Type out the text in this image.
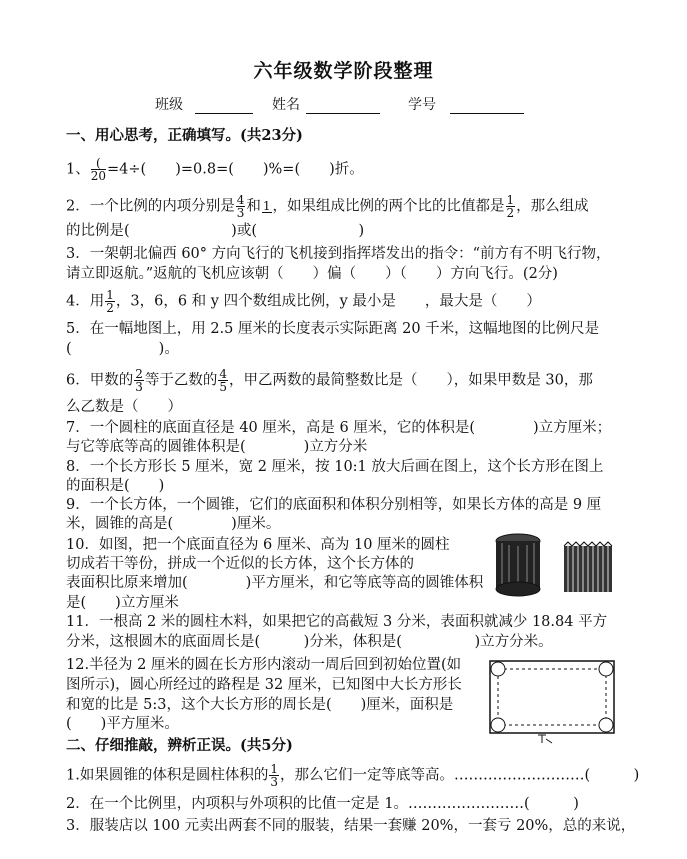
六年级数学阶段整理
班级	姓名	学号
一、用心思考，正确填写。(共23分)
1、 $\frac{(}{20} =4\div$(　　)=0.8=(　　)%=(　　)折。
2．一个比例的内项分别是 $\frac{4}{3}$ 和 1 ，如果组成比例的两个比的比值都是 $\frac{1}{2}$ ，那么组成
的比例是(　　　　　　　)或(　　　　　　　)
3．一架朝北偏西 60° 方向飞行的飞机接到指挥塔发出的指令：“前方有不明飞行物，
请立即返航。”返航的飞机应该朝（　　）偏（　　）（　　）方向飞行。(2分)
4．用 $\frac{1}{2}$ ，3，6，6 和 y 四个数组成比例，y 最小是　　，最大是（　　）
5．在一幅地图上，用 2.5 厘米的长度表示实际距离 20 千米，这幅地图的比例尺是
(　　　　　　)。
6．甲数的 $\frac{2}{3}$ 等于乙数的 $\frac{4}{5}$ ，甲乙两数的最简整数比是（　　），如果甲数是 30，那
么乙数是（　　）
7．一个圆柱的底面直径是 40 厘米，高是 6 厘米，它的体积是(　　　　)立方厘米；
与它等底等高的圆锥体积是(　　　　)立方分米
8．一个长方形长 5 厘米，宽 2 厘米，按 10:1 放大后画在图上，这个长方形在图上
的面积是(　　)
9．一个长方体，一个圆锥，它们的底面积和体积分别相等，如果长方体的高是 9 厘
米，圆锥的高是(　　　　)厘米。
10．如图，把一个底面直径为 6 厘米、高为 10 厘米的圆柱
切成若干等份，拼成一个近似的长方体，这个长方体的
表面积比原来增加(　　　　)平方厘米，和它等底等高的圆锥体积
是(　　)立方厘米
11．一根高 2 米的圆柱木料，如果把它的高截短 3 分米，表面积就减少 18.84 平方
分米，这根圆木的底面周长是(　　　)分米，体积是(　　　　　)立方分米。
12.半径为 2 厘米的圆在长方形内滚动一周后回到初始位置(如
图所示)，圆心所经过的路程是 32 厘米，已知图中大长方形长
和宽的比是 5:3，这个大长方形的周长是(　　)厘米，面积是
(　　)平方厘米。
二、仔细推敲，辨析正误。(共5分)
1.如果圆锥的体积是圆柱体积的 $\frac{1}{3}$ ，那么它们一定等底等高。………………………(　　　)
2．在一个比例里，内项积与外项积的比值一定是 1。……………………(　　　)
3．服装店以 100 元卖出两套不同的服装，结果一套赚 20%，一套亏 20%，总的来说，
